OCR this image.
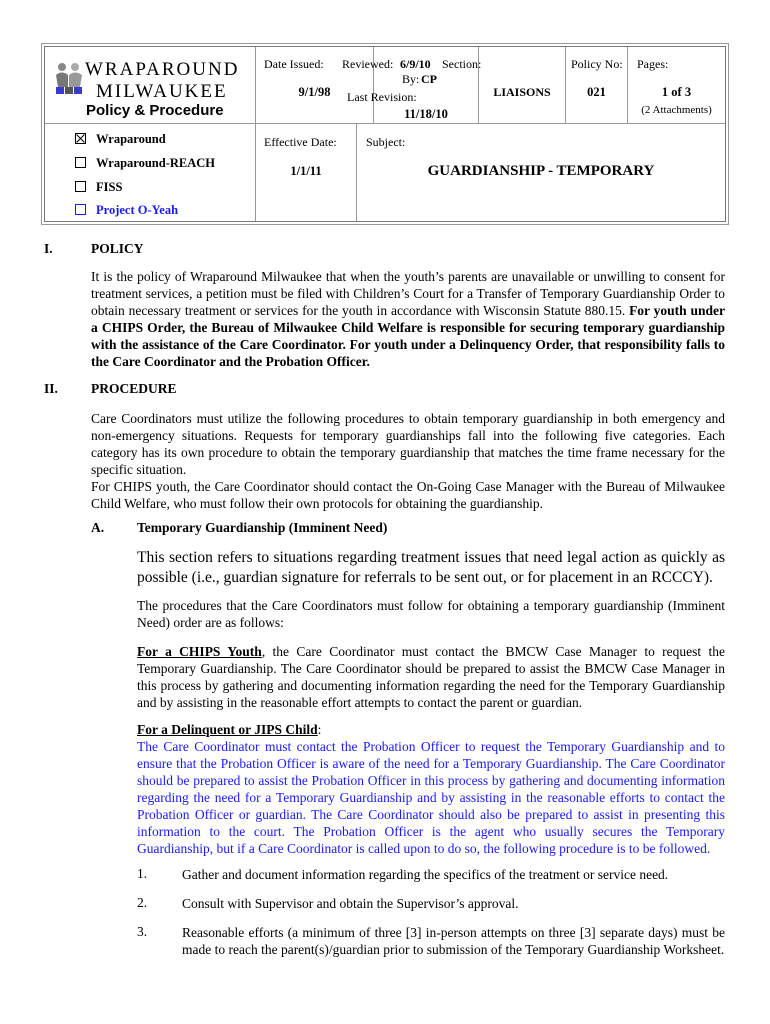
WRAPAROUND
MILWAUKEE
Policy & Procedure
Date Issued:
9/1/98
Reviewed: 6/9/10
By: CP
Last Revision:
11/18/10
Section:
LIAISONS
Policy No:
021
Pages:
1 of 3
(2 Attachments)
Wraparound
Wraparound-REACH
FISS
Project O-Yeah
Effective Date:
1/1/11
Subject:
GUARDIANSHIP - TEMPORARY
I.	POLICY
It is the policy of Wraparound Milwaukee that when the youth’s parents are unavailable or unwilling to consent for treatment services, a petition must be filed with Children’s Court for a Transfer of Temporary Guardianship Order to obtain necessary treatment or services for the youth in accordance with Wisconsin Statute 880.15. For youth under a CHIPS Order, the Bureau of Milwaukee Child Welfare is responsible for securing temporary guardianship with the assistance of the Care Coordinator. For youth under a Delinquency Order, that responsibility falls to the Care Coordinator and the Probation Officer.
II. PROCEDURE
Care Coordinators must utilize the following procedures to obtain temporary guardianship in both emergency and non-emergency situations. Requests for temporary guardianships fall into the following five categories. Each category has its own procedure to obtain the temporary guardianship that matches the time frame necessary for the specific situation.
For CHIPS youth, the Care Coordinator should contact the On-Going Case Manager with the Bureau of Milwaukee Child Welfare, who must follow their own protocols for obtaining the guardianship.
A. Temporary Guardianship (Imminent Need)
This section refers to situations regarding treatment issues that need legal action as quickly as possible (i.e., guardian signature for referrals to be sent out, or for placement in an RCCCY).
The procedures that the Care Coordinators must follow for obtaining a temporary guardianship (Imminent Need) order are as follows:
For a CHIPS Youth, the Care Coordinator must contact the BMCW Case Manager to request the Temporary Guardianship. The Care Coordinator should be prepared to assist the BMCW Case Manager in this process by gathering and documenting information regarding the need for the Temporary Guardianship and by assisting in the reasonable effort attempts to contact the parent or guardian.
For a Delinquent or JIPS Child:
The Care Coordinator must contact the Probation Officer to request the Temporary Guardianship and to ensure that the Probation Officer is aware of the need for a Temporary Guardianship. The Care Coordinator should be prepared to assist the Probation Officer in this process by gathering and documenting information regarding the need for a Temporary Guardianship and by assisting in the reasonable efforts to contact the Probation Officer or guardian. The Care Coordinator should also be prepared to assist in presenting this information to the court. The Probation Officer is the agent who usually secures the Temporary Guardianship, but if a Care Coordinator is called upon to do so, the following procedure is to be followed.
1.	Gather and document information regarding the specifics of the treatment or service need.
2.	Consult with Supervisor and obtain the Supervisor’s approval.
3.	Reasonable efforts (a minimum of three [3] in-person attempts on three [3] separate days) must be made to reach the parent(s)/guardian prior to submission of the Temporary Guardianship Worksheet.
